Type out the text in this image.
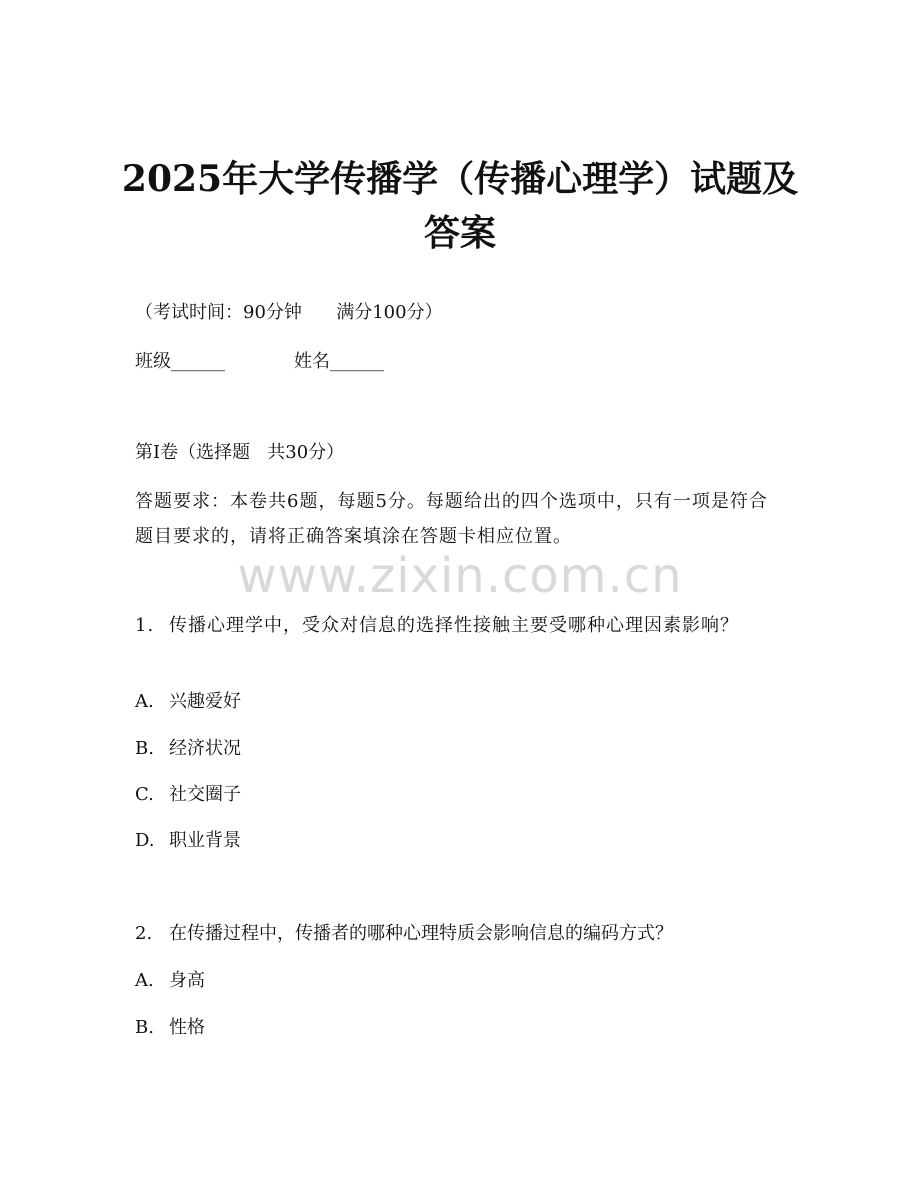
2025年大学传播学（传播心理学）试题及答案
（考试时间：90分钟      满分100分）
班级______	姓名______
第I卷（选择题   共30分）
答题要求：本卷共6题，每题5分。每题给出的四个选项中，只有一项是符合题目要求的，请将正确答案填涂在答题卡相应位置。
www.zixin.com.cn
1. 传播心理学中，受众对信息的选择性接触主要受哪种心理因素影响？
A. 兴趣爱好
B. 经济状况
C. 社交圈子
D. 职业背景
2. 在传播过程中，传播者的哪种心理特质会影响信息的编码方式？
A. 身高
B. 性格
